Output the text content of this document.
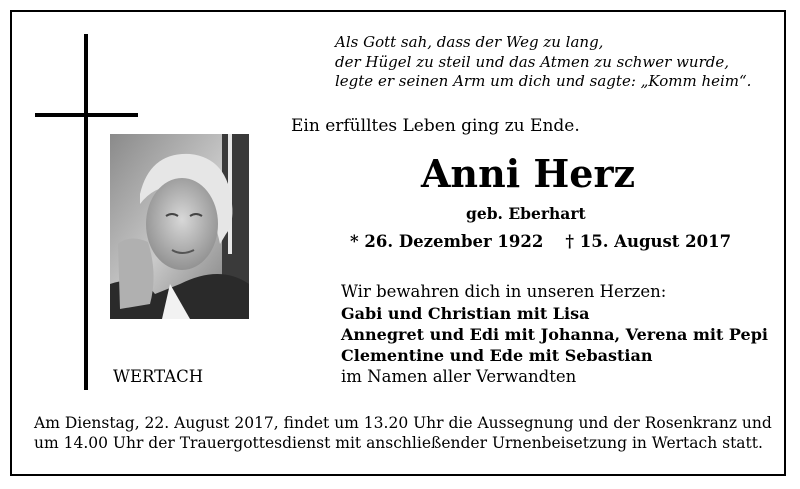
Als Gott sah, dass der Weg zu lang,
der Hügel zu steil und das Atmen zu schwer wurde,
legte er seinen Arm um dich und sagte: „Komm heim“.
Ein erfülltes Leben ging zu Ende.
Anni Herz
geb. Eberhart
* 26. Dezember 1922 † 15. August 2017
Wir bewahren dich in unseren Herzen:
Gabi und Christian mit Lisa
Annegret und Edi mit Johanna, Verena mit Pepi
Clementine und Ede mit Sebastian
im Namen aller Verwandten
WERTACH
Am Dienstag, 22. August 2017, findet um 13.20 Uhr die Aussegnung und der Rosenkranz und
um 14.00 Uhr der Trauergottesdienst mit anschließender Urnenbeisetzung in Wertach statt.
